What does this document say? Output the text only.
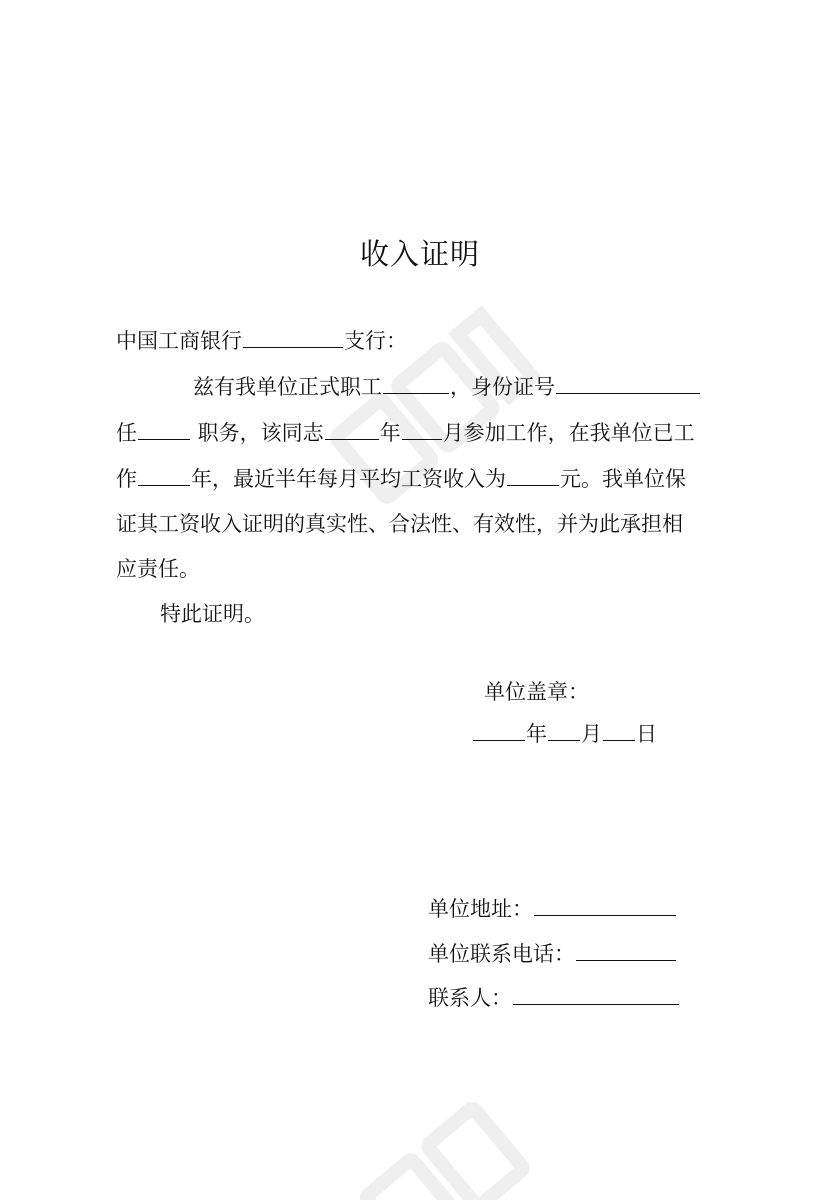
收入证明

中国工商银行	支行：

兹有我单位正式职工	，身份证号

任	职务，该同志	年 月参加工作，在我单位已工

作	年，最近半年每月平均工资收入为	元。我单位保

证其工资收入证明的真实性、合法性、有效性，并为此承担相

应责任。

特此证明。

单位盖章：
年 月 日
单位地址：
单位联系电话：
联系人：
